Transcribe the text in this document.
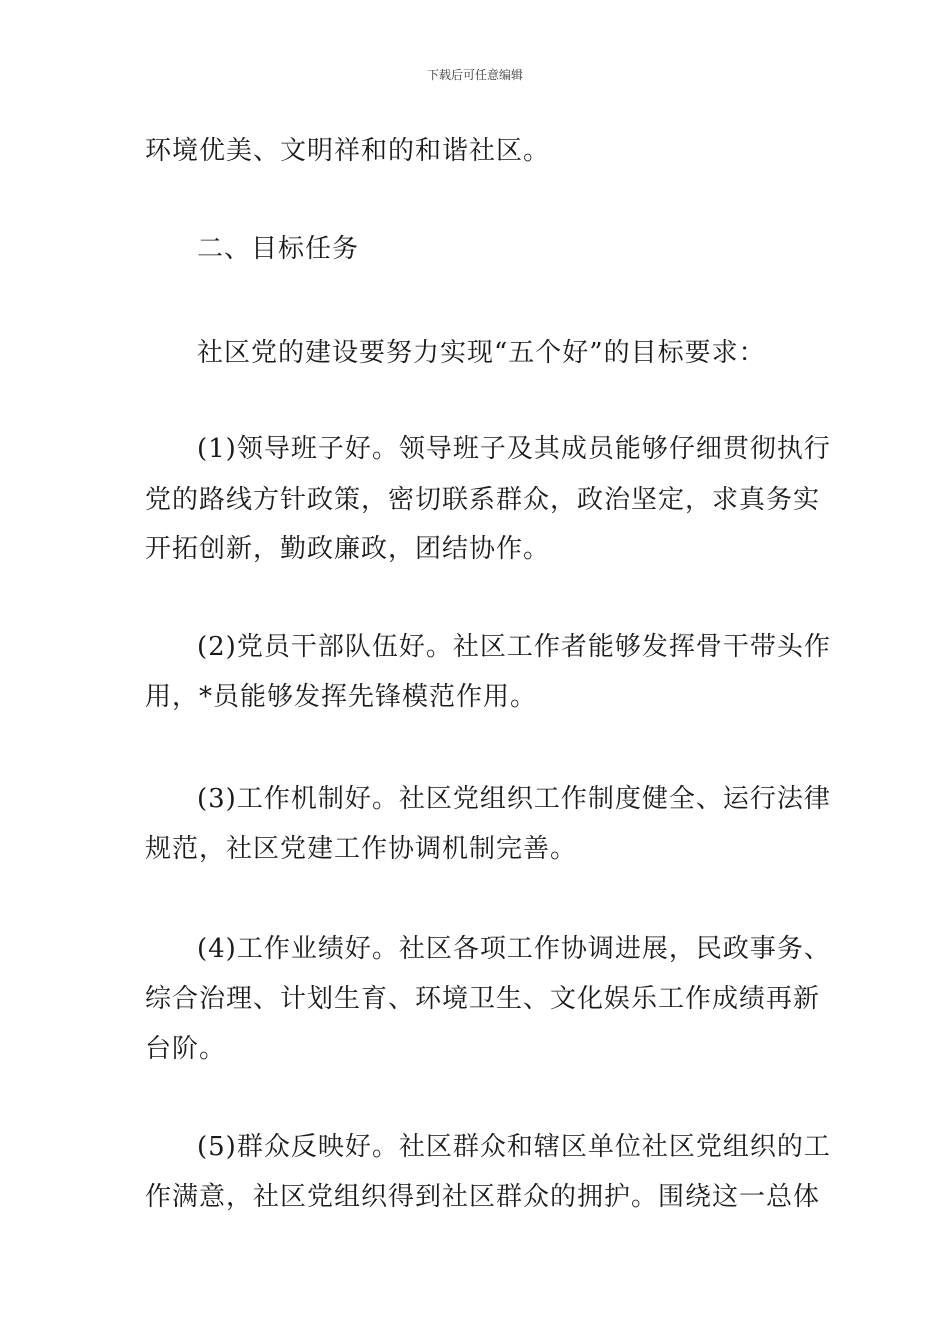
下载后可任意编辑
环境优美、文明祥和的和谐社区。
二、目标任务
社区党的建设要努力实现“五个好”的目标要求：
(1)领导班子好。领导班子及其成员能够仔细贯彻执行
党的路线方针政策，密切联系群众，政治坚定，求真务实
开拓创新，勤政廉政，团结协作。
(2)党员干部队伍好。社区工作者能够发挥骨干带头作
用，*员能够发挥先锋模范作用。
(3)工作机制好。社区党组织工作制度健全、运行法律
规范，社区党建工作协调机制完善。
(4)工作业绩好。社区各项工作协调进展，民政事务、
综合治理、计划生育、环境卫生、文化娱乐工作成绩再新
台阶。
(5)群众反映好。社区群众和辖区单位社区党组织的工
作满意，社区党组织得到社区群众的拥护。围绕这一总体
